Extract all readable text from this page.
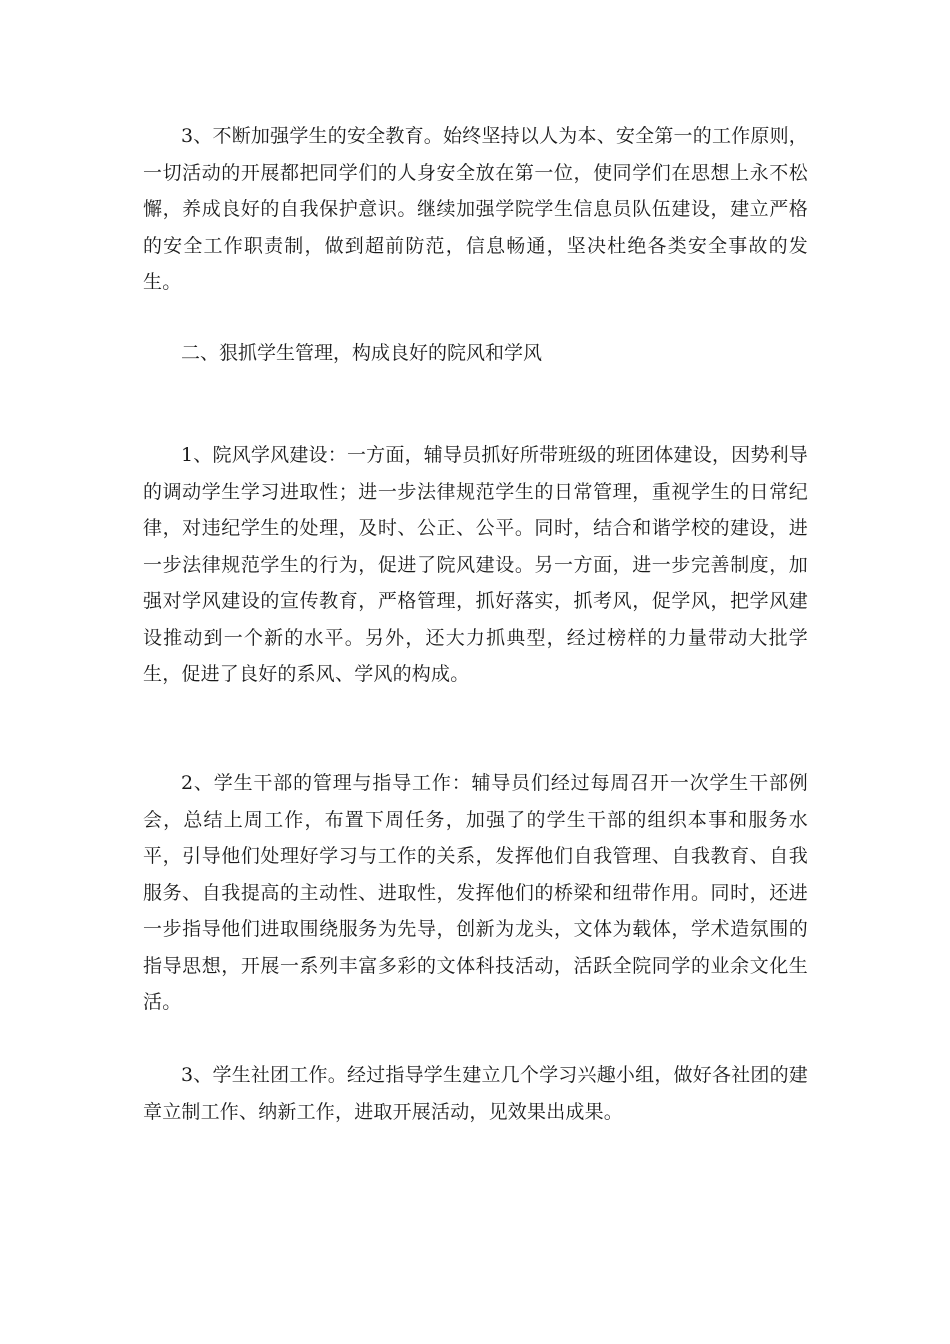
3、不断加强学生的安全教育。始终坚持以人为本、安全第一的工作原则，一切活动的开展都把同学们的人身安全放在第一位，使同学们在思想上永不松懈，养成良好的自我保护意识。继续加强学院学生信息员队伍建设，建立严格的安全工作职责制，做到超前防范，信息畅通，坚决杜绝各类安全事故的发生。

二、狠抓学生管理，构成良好的院风和学风

1、院风学风建设：一方面，辅导员抓好所带班级的班团体建设，因势利导的调动学生学习进取性；进一步法律规范学生的日常管理，重视学生的日常纪律，对违纪学生的处理，及时、公正、公平。同时，结合和谐学校的建设，进一步法律规范学生的行为，促进了院风建设。另一方面，进一步完善制度，加强对学风建设的宣传教育，严格管理，抓好落实，抓考风，促学风，把学风建设推动到一个新的水平。另外，还大力抓典型，经过榜样的力量带动大批学生，促进了良好的系风、学风的构成。

2、学生干部的管理与指导工作：辅导员们经过每周召开一次学生干部例会，总结上周工作，布置下周任务，加强了的学生干部的组织本事和服务水平，引导他们处理好学习与工作的关系，发挥他们自我管理、自我教育、自我服务、自我提高的主动性、进取性，发挥他们的桥梁和纽带作用。同时，还进一步指导他们进取围绕服务为先导，创新为龙头，文体为载体，学术造氛围的指导思想，开展一系列丰富多彩的文体科技活动，活跃全院同学的业余文化生活。

3、学生社团工作。经过指导学生建立几个学习兴趣小组，做好各社团的建章立制工作、纳新工作，进取开展活动，见效果出成果。
